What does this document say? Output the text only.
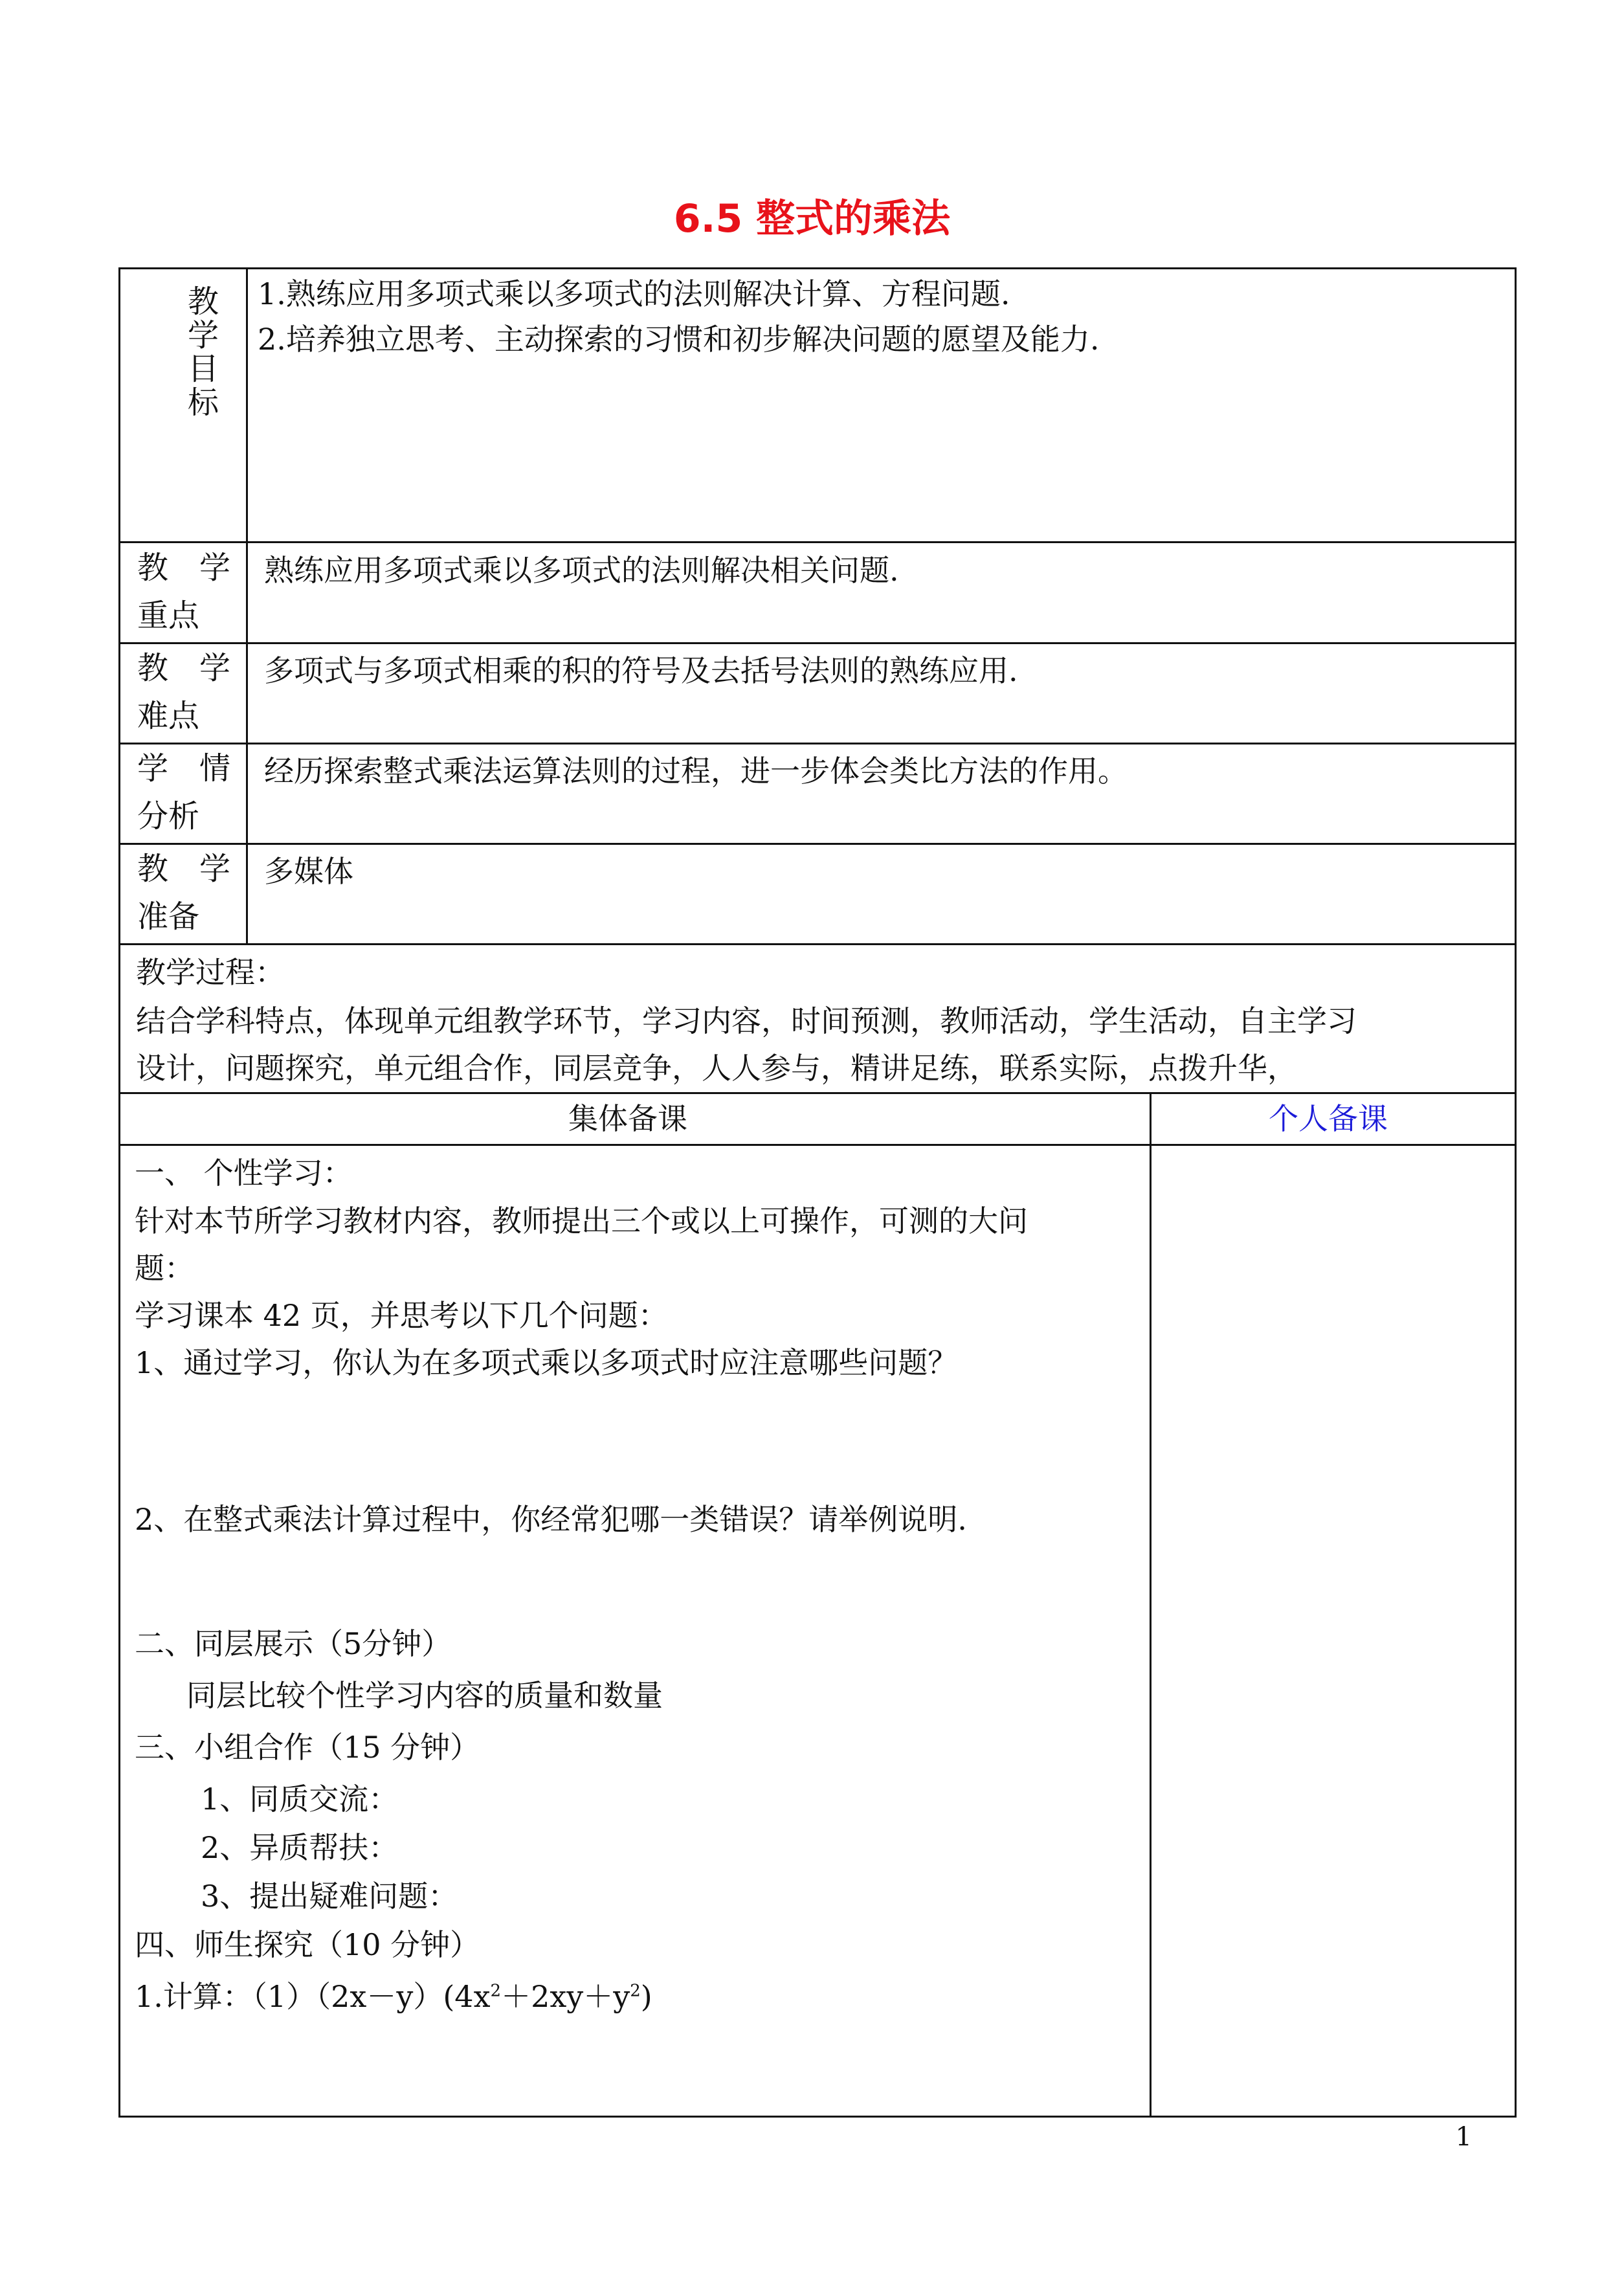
6.5 整式的乘法
教
学
目
标
1.熟练应用多项式乘以多项式的法则解决计算、方程问题.
2.培养独立思考、主动探索的习惯和初步解决问题的愿望及能力.
教　学
重点
熟练应用多项式乘以多项式的法则解决相关问题.
教　学
难点
多项式与多项式相乘的积的符号及去括号法则的熟练应用.
学　情
分析
经历探索整式乘法运算法则的过程，进一步体会类比方法的作用。
教　学
准备
多媒体
教学过程：
结合学科特点，体现单元组教学环节，学习内容，时间预测，教师活动，学生活动，自主学习
设计，问题探究，单元组合作，同层竞争，人人参与，精讲足练，联系实际，点拨升华，
集体备课	个人备课
一、 个性学习：
针对本节所学习教材内容，教师提出三个或以上可操作，可测的大问
题：
学习课本 42 页，并思考以下几个问题：
1、通过学习，你认为在多项式乘以多项式时应注意哪些问题？
2、在整式乘法计算过程中，你经常犯哪一类错误？请举例说明.
二、同层展示（5分钟）
同层比较个性学习内容的质量和数量
三、小组合作（15 分钟）
1、同质交流：
2、异质帮扶：
3、提出疑难问题：
四、师生探究（10 分钟）
1.计算：$(1)(2x-y)(4x^2+2xy+y^2)$
1
